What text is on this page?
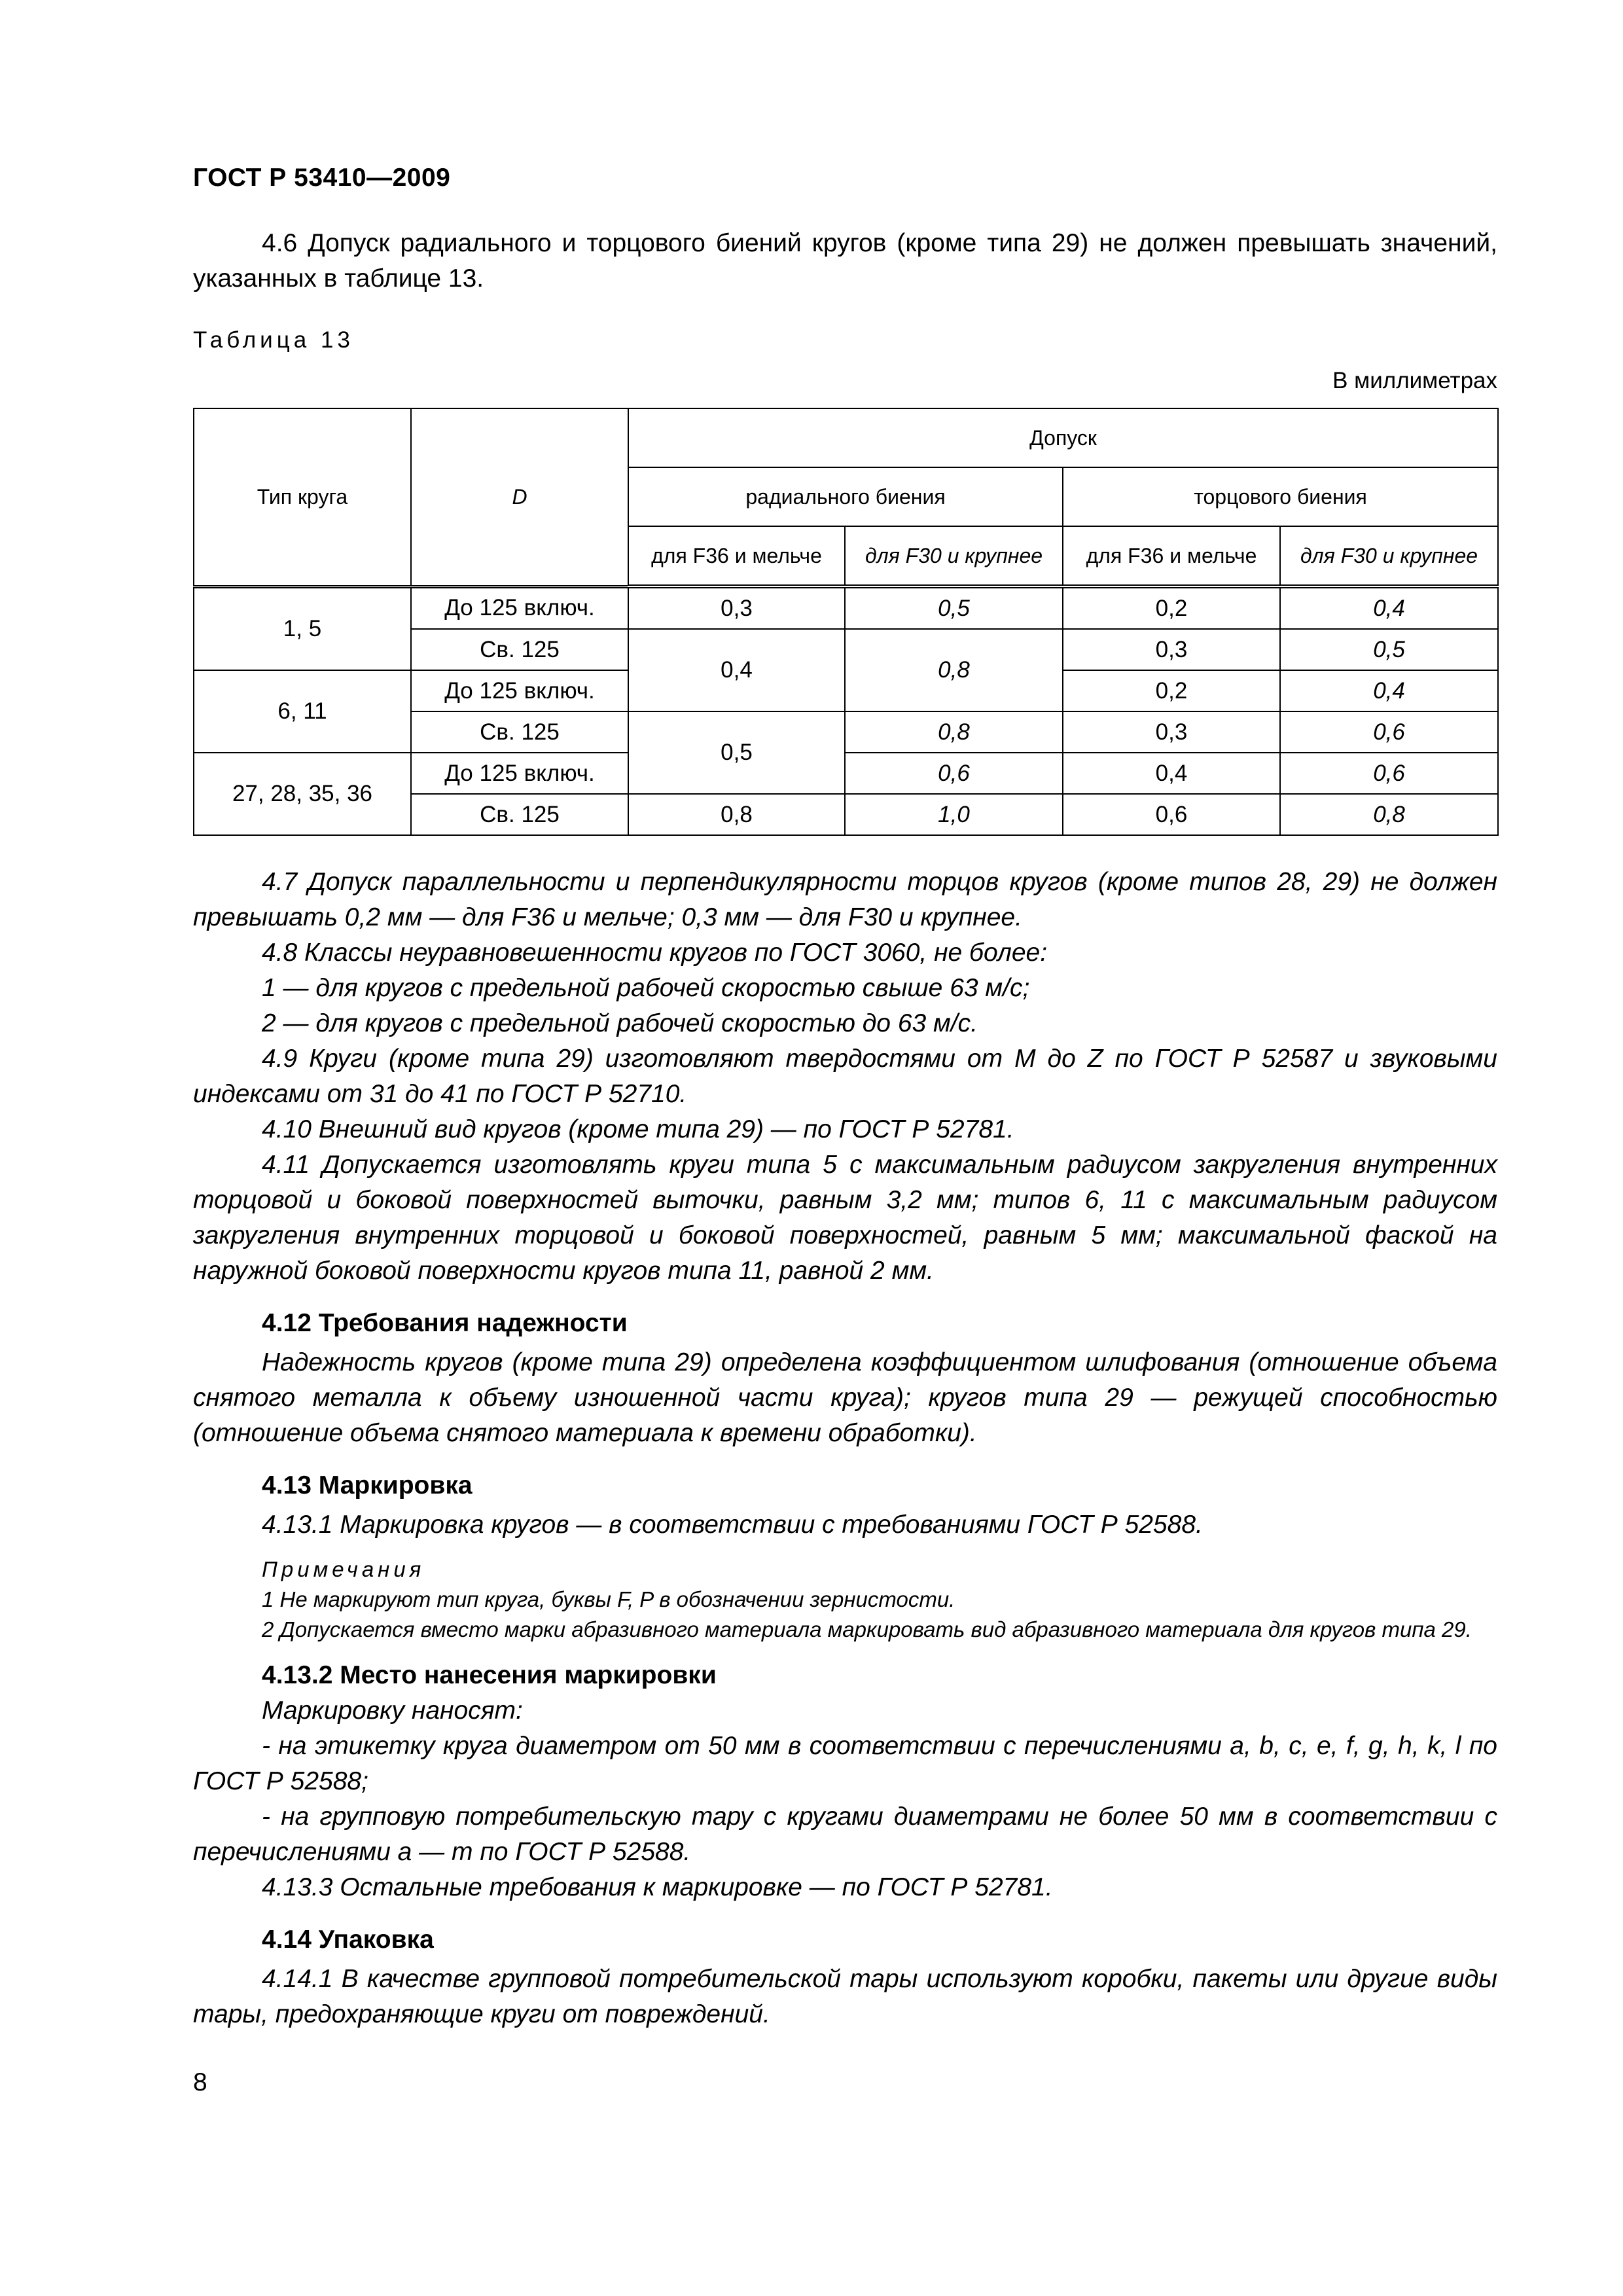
ГОСТ Р 53410—2009

4.6 Допуск радиального и торцового биений кругов (кроме типа 29) не должен превышать значений, указанных в таблице 13.

Таблица 13
В миллиметрах
Тип круга	D	Допуск			
		радиального биения		торцового биения	
		для F36 и мельче	для F30 и крупнее	для F36 и мельче	для F30 и крупнее
1, 5	До 125 включ.	0,3	0,5	0,2	0,4
	Св. 125	0,4	0,8	0,3	0,5
6, 11	До 125 включ.			0,2	0,4
	Св. 125	0,5	0,8	0,3	0,6
27, 28, 35, 36	До 125 включ.		0,6	0,4	0,6
	Св. 125	0,8	1,0	0,6	0,8

4.7 Допуск параллельности и перпендикулярности торцов кругов (кроме типов 28, 29) не должен превышать 0,2 мм — для F36 и мельче; 0,3 мм — для F30 и крупнее.

4.8 Классы неуравновешенности кругов по ГОСТ 3060, не более:

1 — для кругов с предельной рабочей скоростью свыше 63 м/с;

2 — для кругов с предельной рабочей скоростью до 63 м/с.

4.9 Круги (кроме типа 29) изготовляют твердостями от M до Z по ГОСТ Р 52587 и звуковыми индексами от 31 до 41 по ГОСТ Р 52710.

4.10 Внешний вид кругов (кроме типа 29) — по ГОСТ Р 52781.

4.11 Допускается изготовлять круги типа 5 с максимальным радиусом закругления внутренних торцовой и боковой поверхностей выточки, равным 3,2 мм; типов 6, 11 с максимальным радиусом закругления внутренних торцовой и боковой поверхностей, равным 5 мм; максимальной фаской на наружной боковой поверхности кругов типа 11, равной 2 мм.

4.12 Требования надежности

Надежность кругов (кроме типа 29) определена коэффициентом шлифования (отношение объема снятого металла к объему изношенной части круга); кругов типа 29 — режущей способностью (отношение объема снятого материала к времени обработки).

4.13 Маркировка

4.13.1 Маркировка кругов — в соответствии с требованиями ГОСТ Р 52588.

Примечания

1 Не маркируют тип круга, буквы F, P в обозначении зернистости.

2 Допускается вместо марки абразивного материала маркировать вид абразивного материала для кругов типа 29.

4.13.2 Место нанесения маркировки

Маркировку наносят:

- на этикетку круга диаметром от 50 мм в соответствии с перечислениями a, b, c, e, f, g, h, k, l по ГОСТ Р 52588;

- на групповую потребительскую тару с кругами диаметрами не более 50 мм в соответствии с перечислениями a — m по ГОСТ Р 52588.

4.13.3 Остальные требования к маркировке — по ГОСТ Р 52781.

4.14 Упаковка

4.14.1 В качестве групповой потребительской тары используют коробки, пакеты или другие виды тары, предохраняющие круги от повреждений.

8
